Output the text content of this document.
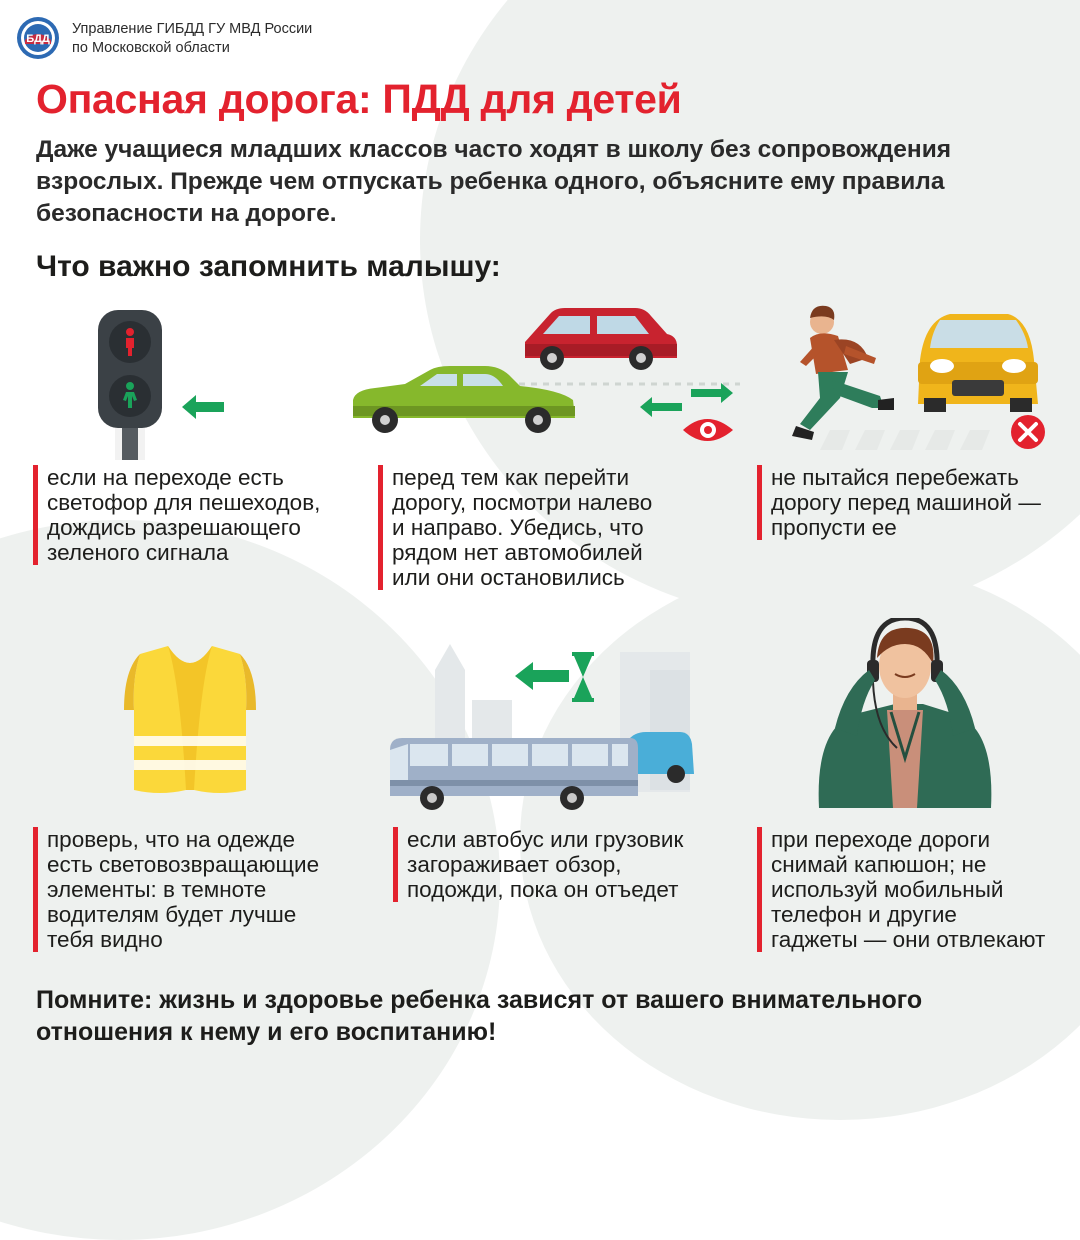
БДД
Управление ГИБДД ГУ МВД России
по Московской области
Опасная дорога: ПДД для детей
Даже учащиеся младших классов часто ходят в школу без сопровождения
взрослых. Прежде чем отпускать ребенка одного, объясните ему правила
безопасности на дороге.
Что важно запомнить малышу:
если на переходе есть
светофор для пешеходов,
дождись разрешающего
зеленого сигнала
перед тем как перейти
дорогу, посмотри налево
и направо. Убедись, что
рядом нет автомобилей
или они остановились
не пытайся перебежать
дорогу перед машиной —
пропусти ее
проверь, что на одежде
есть световозвращающие
элементы: в темноте
водителям будет лучше
тебя видно
если автобус или грузовик
загораживает обзор,
подожди, пока он отъедет
при переходе дороги
снимай капюшон; не
используй мобильный
телефон и другие
гаджеты — они отвлекают
Помните: жизнь и здоровье ребенка зависят от вашего внимательного
отношения к нему и его воспитанию!
